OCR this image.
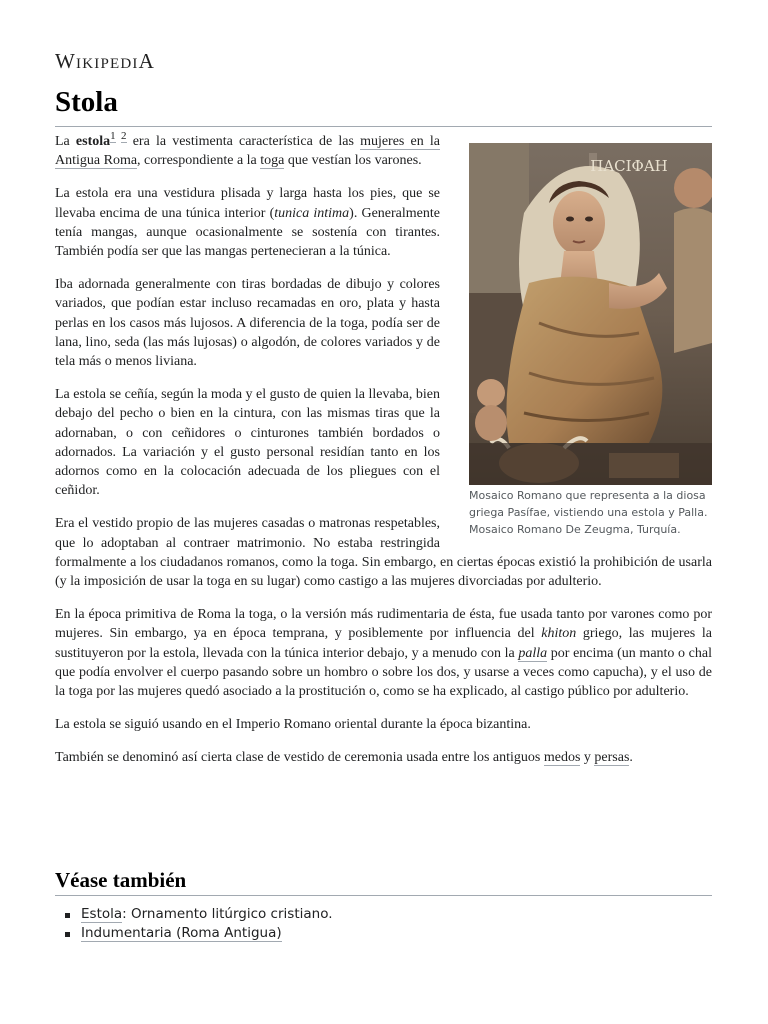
WIKIPEDIA
Stola
ΠΑCΙΦΑΗ
Mosaico Romano que representa a la diosa griega Pasífae, vistiendo una estola y Palla. Mosaico Romano De Zeugma, Turquía.

La estola$^{1 2}$ era la vestimenta característica de las mujeres en la Antigua Roma, correspondiente a la toga que vestían los varones.

La estola era una vestidura plisada y larga hasta los pies, que se llevaba encima de una túnica interior (tunica intima). Generalmente tenía mangas, aunque ocasionalmente se sostenía con tirantes. También podía ser que las mangas pertenecieran a la túnica.

Iba adornada generalmente con tiras bordadas de dibujo y colores variados, que podían estar incluso recamadas en oro, plata y hasta perlas en los casos más lujosos. A diferencia de la toga, podía ser de lana, lino, seda (las más lujosas) o algodón, de colores variados y de tela más o menos liviana.

La estola se ceñía, según la moda y el gusto de quien la llevaba, bien debajo del pecho o bien en la cintura, con las mismas tiras que la adornaban, o con ceñidores o cinturones también bordados o adornados. La variación y el gusto personal residían tanto en los adornos como en la colocación adecuada de los pliegues con el ceñidor.

Era el vestido propio de las mujeres casadas o matronas respetables, que lo adoptaban al contraer matrimonio. No estaba restringida formalmente a los ciudadanos romanos, como la toga. Sin embargo, en ciertas épocas existió la prohibición de usarla (y la imposición de usar la toga en su lugar) como castigo a las mujeres divorciadas por adulterio.

En la época primitiva de Roma la toga, o la versión más rudimentaria de ésta, fue usada tanto por varones como por mujeres. Sin embargo, ya en época temprana, y posiblemente por influencia del khiton griego, las mujeres la sustituyeron por la estola, llevada con la túnica interior debajo, y a menudo con la palla por encima (un manto o chal que podía envolver el cuerpo pasando sobre un hombro o sobre los dos, y usarse a veces como capucha), y el uso de la toga por las mujeres quedó asociado a la prostitución o, como se ha explicado, al castigo público por adulterio.

La estola se siguió usando en el Imperio Romano oriental durante la época bizantina.

También se denominó así cierta clase de vestido de ceremonia usada entre los antiguos medos y persas.

Véase también
Estola: Ornamento litúrgico cristiano.
Indumentaria (Roma Antigua)
